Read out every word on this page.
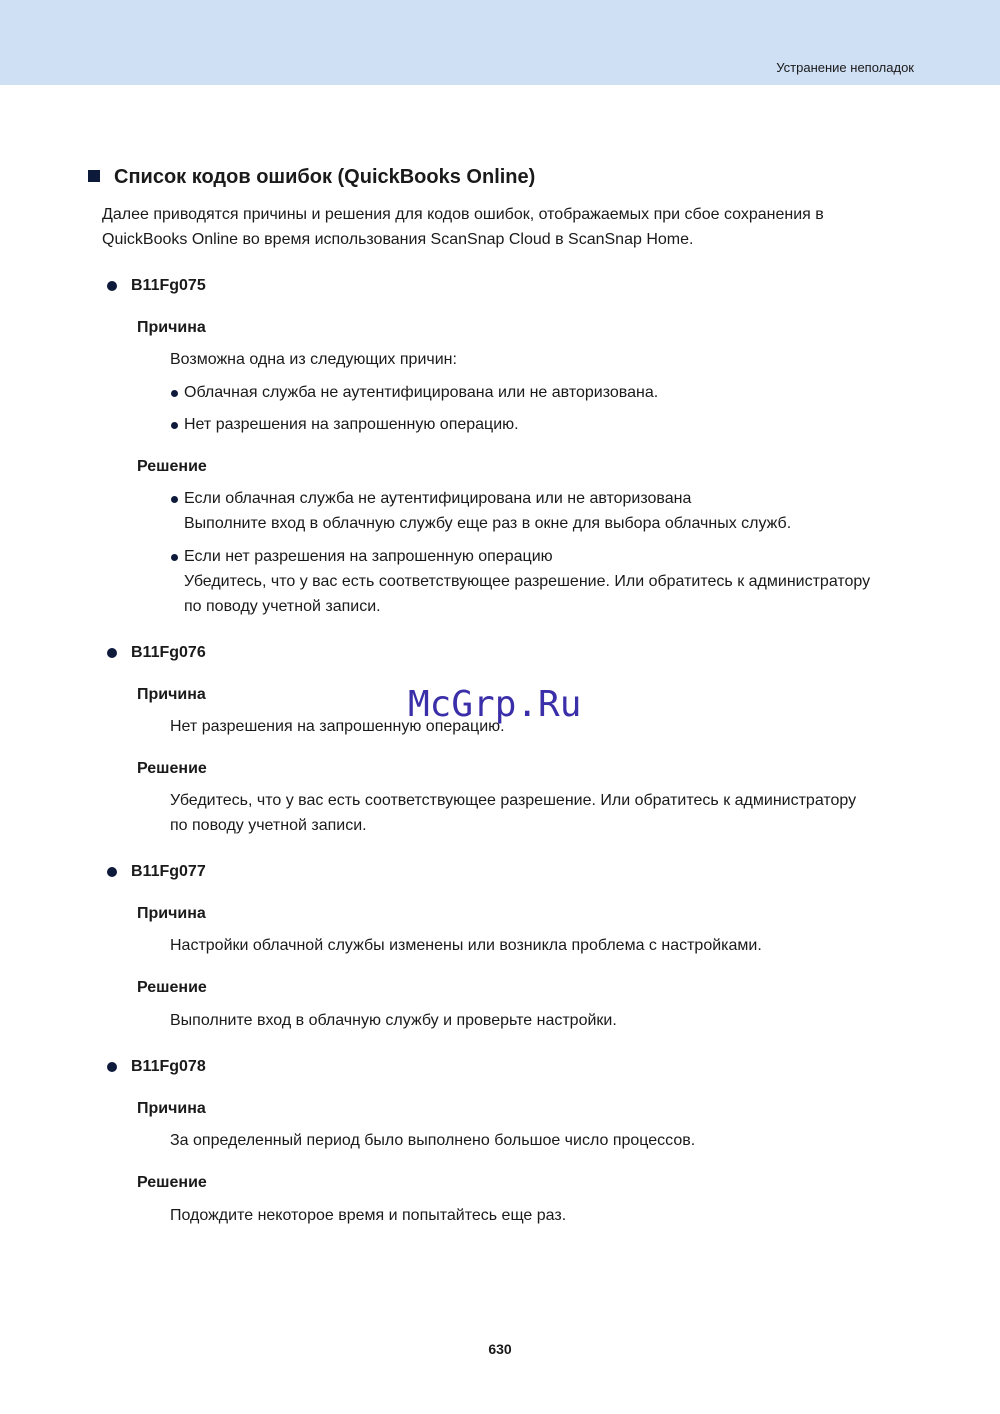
Устранение неполадок
Список кодов ошибок (QuickBooks Online)
Далее приводятся причины и решения для кодов ошибок, отображаемых при сбое сохранения в
QuickBooks Online во время использования ScanSnap Cloud в ScanSnap Home.
B11Fg075
Причина
Возможна одна из следующих причин:
Облачная служба не аутентифицирована или не авторизована.
Нет разрешения на запрошенную операцию.
Решение
Если облачная служба не аутентифицирована или не авторизована
Выполните вход в облачную службу еще раз в окне для выбора облачных служб.
Если нет разрешения на запрошенную операцию
Убедитесь, что у вас есть соответствующее разрешение. Или обратитесь к администратору
по поводу учетной записи.
B11Fg076
Причина
Нет разрешения на запрошенную операцию.
Решение
Убедитесь, что у вас есть соответствующее разрешение. Или обратитесь к администратору
по поводу учетной записи.
B11Fg077
Причина
Настройки облачной службы изменены или возникла проблема с настройками.
Решение
Выполните вход в облачную службу и проверьте настройки.
B11Fg078
Причина
За определенный период было выполнено большое число процессов.
Решение
Подождите некоторое время и попытайтесь еще раз.
McGrp.Ru
630
